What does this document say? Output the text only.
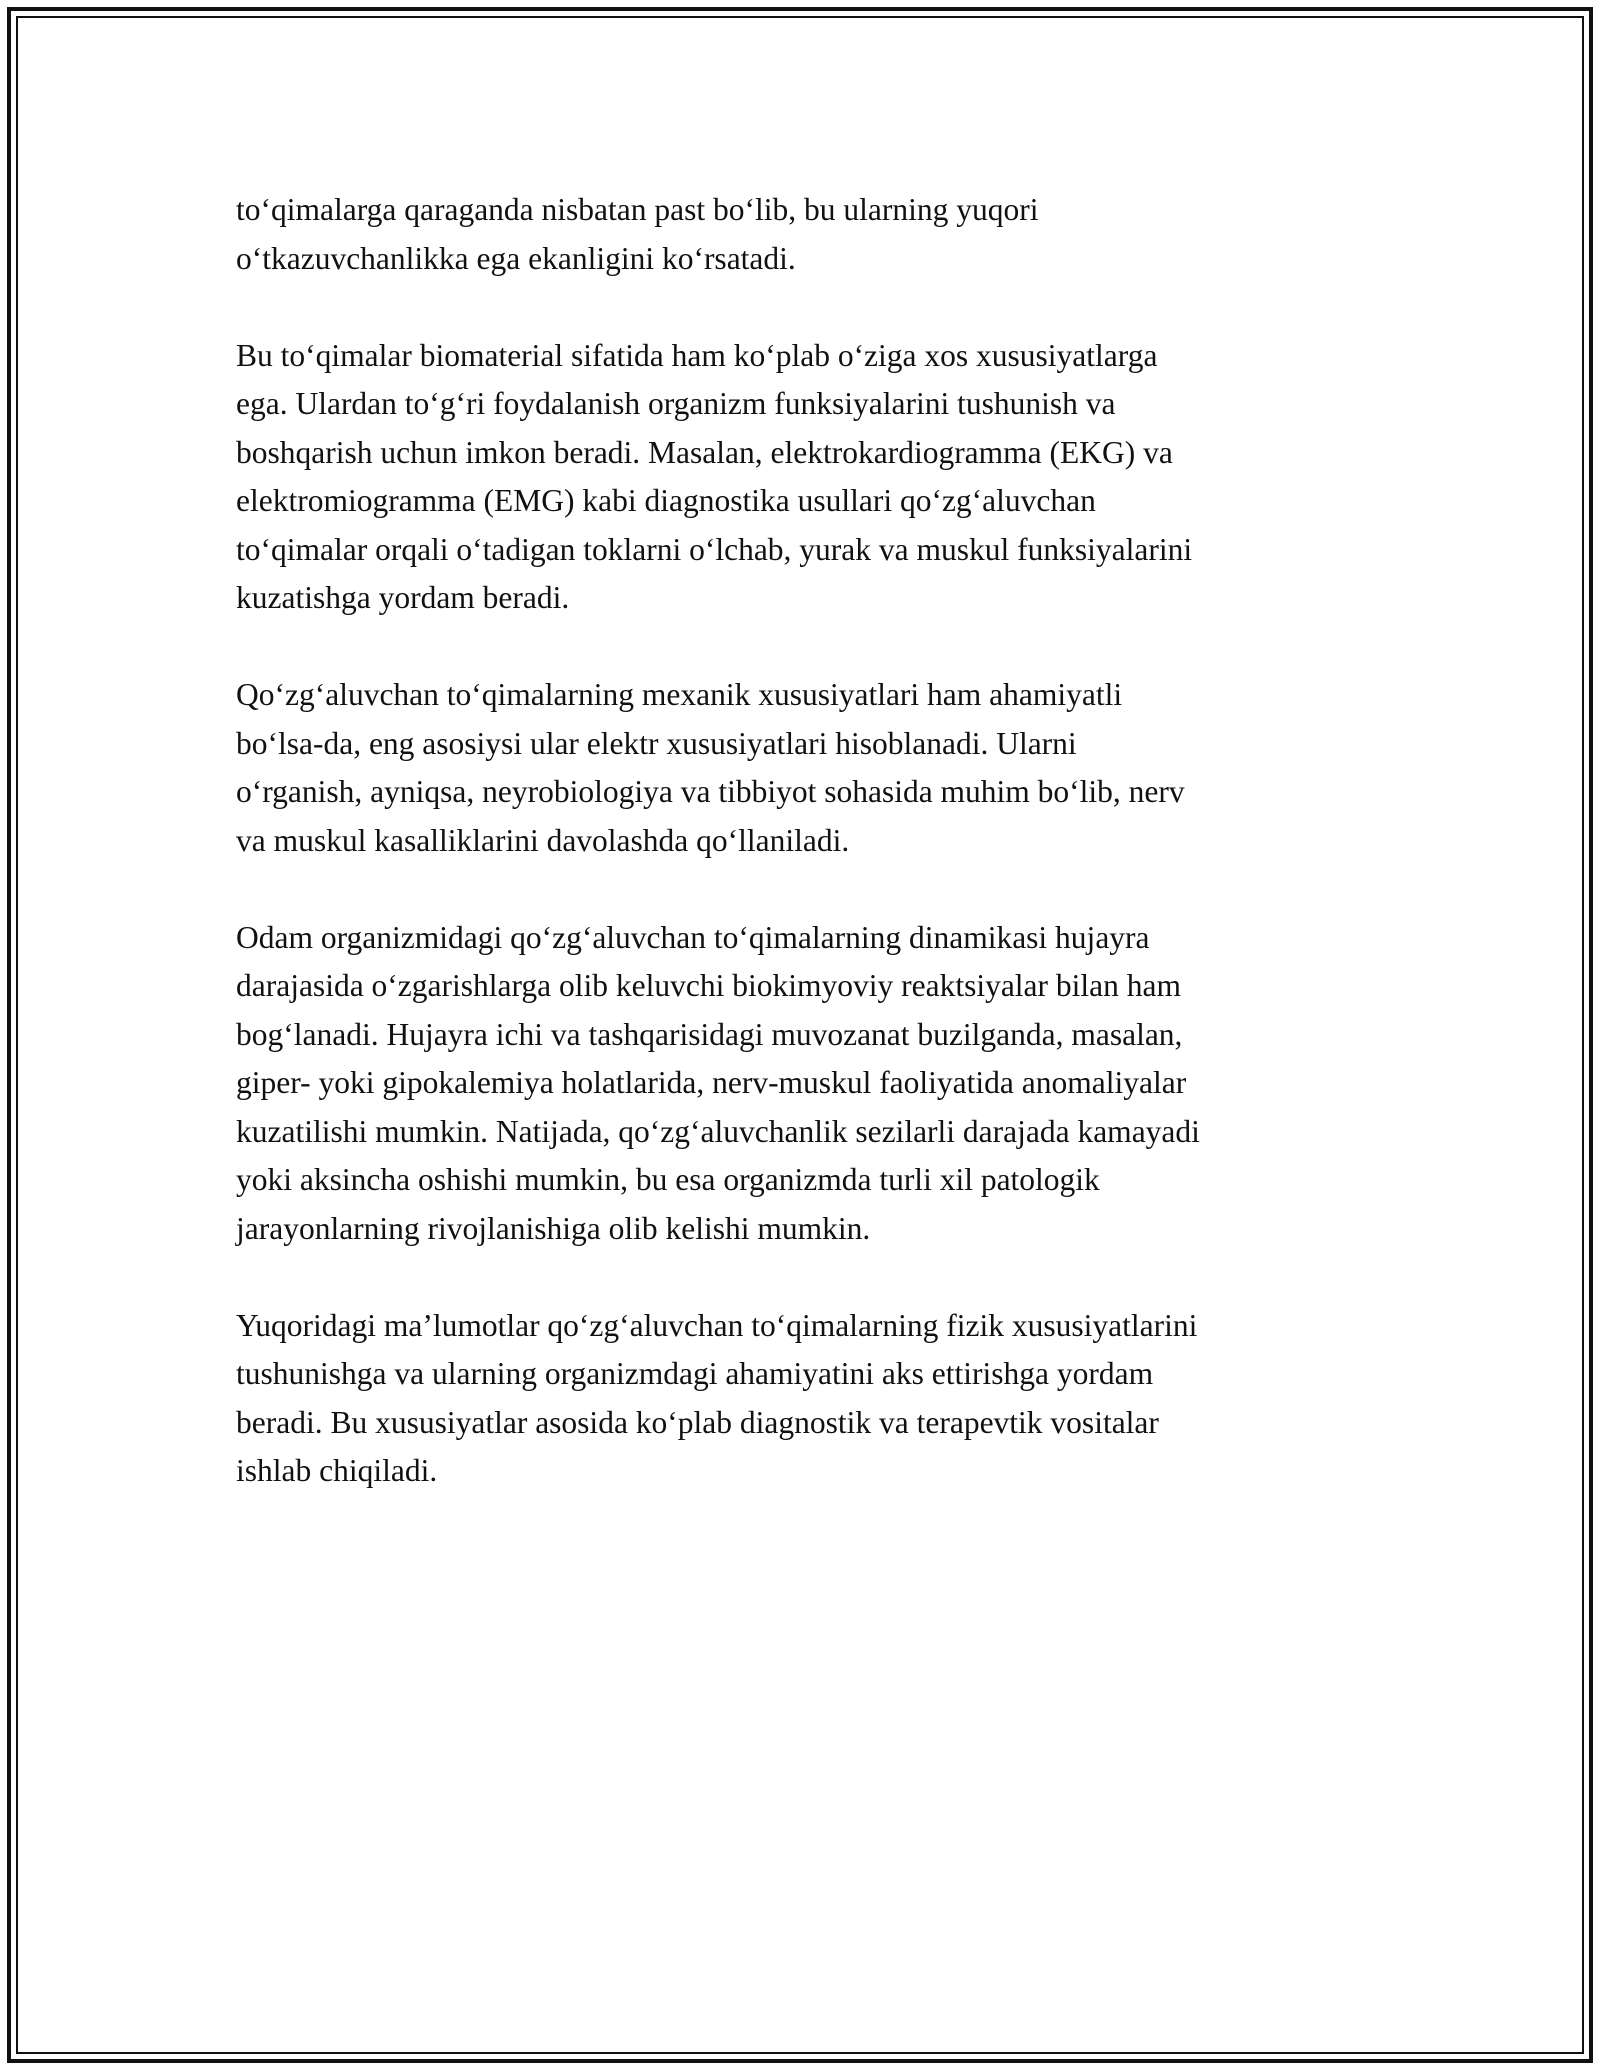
to‘qimalarga qaraganda nisbatan past bo‘lib, bu ularning yuqori
o‘tkazuvchanlikka ega ekanligini ko‘rsatadi.

Bu to‘qimalar biomaterial sifatida ham ko‘plab o‘ziga xos xususiyatlarga
ega. Ulardan to‘g‘ri foydalanish organizm funksiyalarini tushunish va
boshqarish uchun imkon beradi. Masalan, elektrokardiogramma (EKG) va
elektromiogramma (EMG) kabi diagnostika usullari qo‘zg‘aluvchan
to‘qimalar orqali o‘tadigan toklarni o‘lchab, yurak va muskul funksiyalarini
kuzatishga yordam beradi.

Qo‘zg‘aluvchan to‘qimalarning mexanik xususiyatlari ham ahamiyatli
bo‘lsa-da, eng asosiysi ular elektr xususiyatlari hisoblanadi. Ularni
o‘rganish, ayniqsa, neyrobiologiya va tibbiyot sohasida muhim bo‘lib, nerv
va muskul kasalliklarini davolashda qo‘llaniladi.

Odam organizmidagi qo‘zg‘aluvchan to‘qimalarning dinamikasi hujayra
darajasida o‘zgarishlarga olib keluvchi biokimyoviy reaktsiyalar bilan ham
bog‘lanadi. Hujayra ichi va tashqarisidagi muvozanat buzilganda, masalan,
giper- yoki gipokalemiya holatlarida, nerv-muskul faoliyatida anomaliyalar
kuzatilishi mumkin. Natijada, qo‘zg‘aluvchanlik sezilarli darajada kamayadi
yoki aksincha oshishi mumkin, bu esa organizmda turli xil patologik
jarayonlarning rivojlanishiga olib kelishi mumkin.

Yuqoridagi ma’lumotlar qo‘zg‘aluvchan to‘qimalarning fizik xususiyatlarini
tushunishga va ularning organizmdagi ahamiyatini aks ettirishga yordam
beradi. Bu xususiyatlar asosida ko‘plab diagnostik va terapevtik vositalar
ishlab chiqiladi.
